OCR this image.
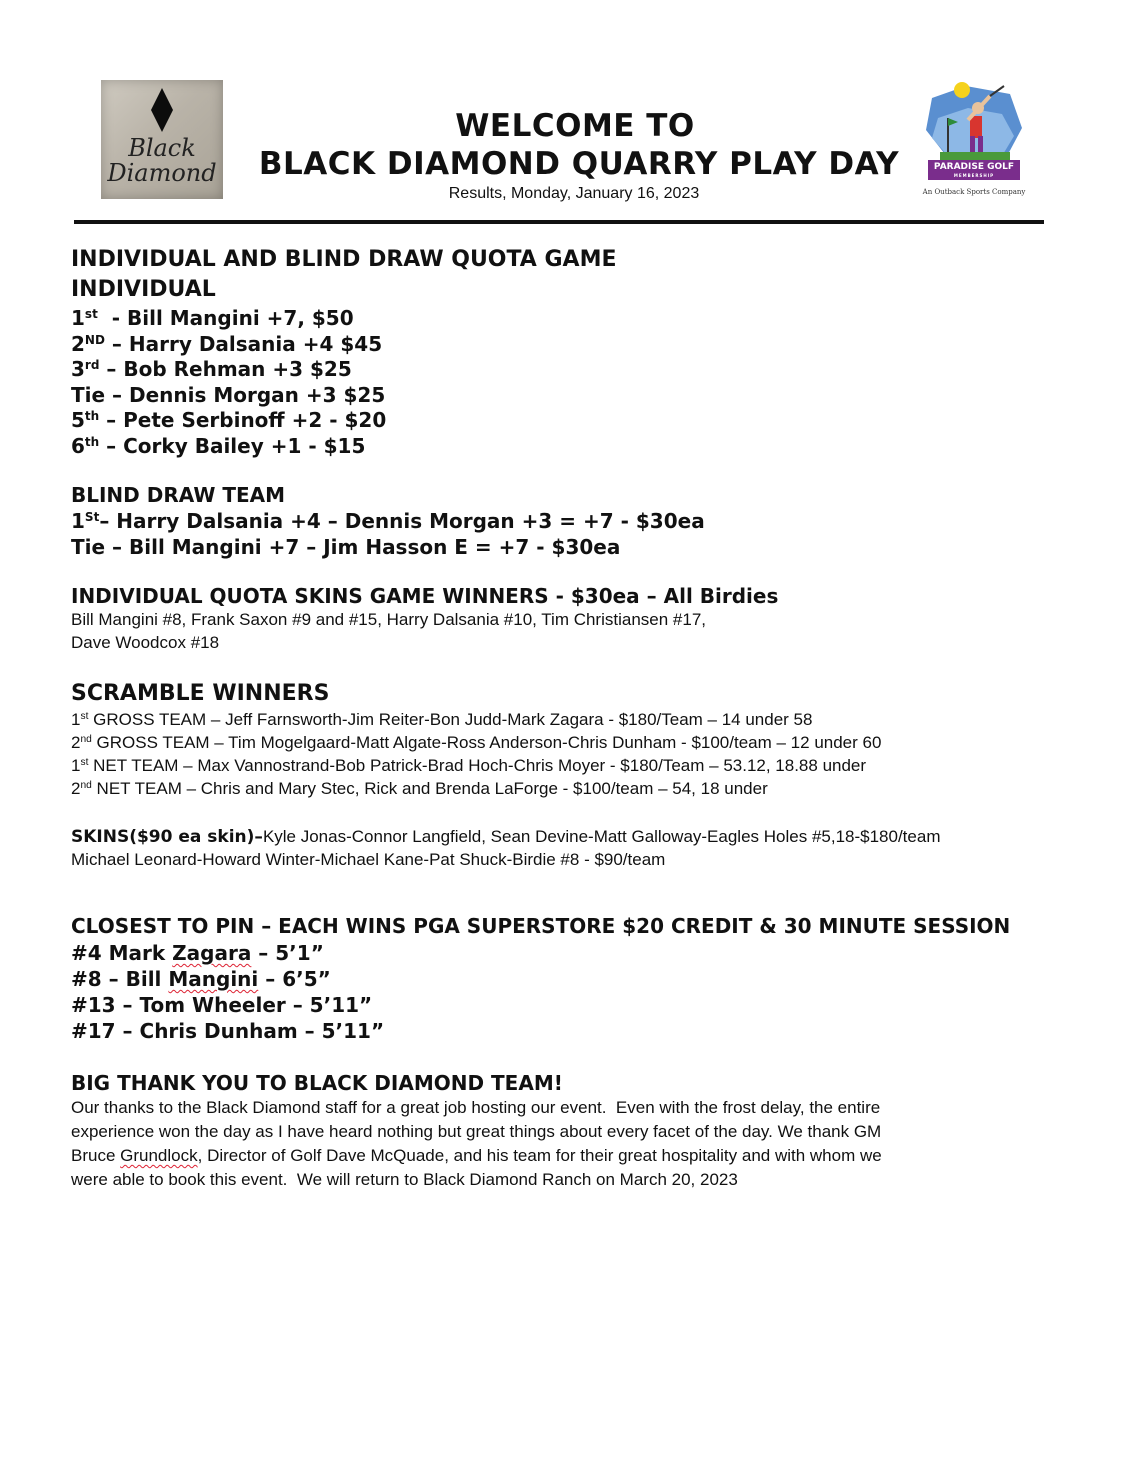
Black
Diamond
WELCOME TO
BLACK DIAMOND QUARRY PLAY DAY
Results, Monday, January 16, 2023
PARADISE GOLF
MEMBERSHIP
An Outback Sports Company
INDIVIDUAL AND BLIND DRAW QUOTA GAME
INDIVIDUAL
1st  - Bill Mangini +7, $50
2ND – Harry Dalsania +4 $45
3rd – Bob Rehman +3 $25
Tie – Dennis Morgan +3 $25
5th – Pete Serbinoff +2 - $20
6th – Corky Bailey +1 - $15
BLIND DRAW TEAM
1St– Harry Dalsania +4 – Dennis Morgan +3 = +7 - $30ea
Tie – Bill Mangini +7 – Jim Hasson E = +7 - $30ea
INDIVIDUAL QUOTA SKINS GAME WINNERS - $30ea – All Birdies
Bill Mangini #8, Frank Saxon #9 and #15, Harry Dalsania #10, Tim Christiansen #17,
Dave Woodcox #18
SCRAMBLE WINNERS
1st GROSS TEAM – Jeff Farnsworth-Jim Reiter-Bon Judd-Mark Zagara - $180/Team – 14 under 58
2nd GROSS TEAM – Tim Mogelgaard-Matt Algate-Ross Anderson-Chris Dunham - $100/team – 12 under 60
1st NET TEAM – Max Vannostrand-Bob Patrick-Brad Hoch-Chris Moyer - $180/Team – 53.12, 18.88 under
2nd NET TEAM – Chris and Mary Stec, Rick and Brenda LaForge - $100/team – 54, 18 under
SKINS($90 ea skin)–Kyle Jonas-Connor Langfield, Sean Devine-Matt Galloway-Eagles Holes #5,18-$180/team
Michael Leonard-Howard Winter-Michael Kane-Pat Shuck-Birdie #8 - $90/team
CLOSEST TO PIN – EACH WINS PGA SUPERSTORE $20 CREDIT & 30 MINUTE SESSION
#4 Mark Zagara – 5’1”
#8 – Bill Mangini – 6’5”
#13 – Tom Wheeler – 5’11”
#17 – Chris Dunham – 5’11”
BIG THANK YOU TO BLACK DIAMOND TEAM!
Our thanks to the Black Diamond staff for a great job hosting our event.  Even with the frost delay, the entire
experience won the day as I have heard nothing but great things about every facet of the day. We thank GM
Bruce Grundlock, Director of Golf Dave McQuade, and his team for their great hospitality and with whom we
were able to book this event.  We will return to Black Diamond Ranch on March 20, 2023
